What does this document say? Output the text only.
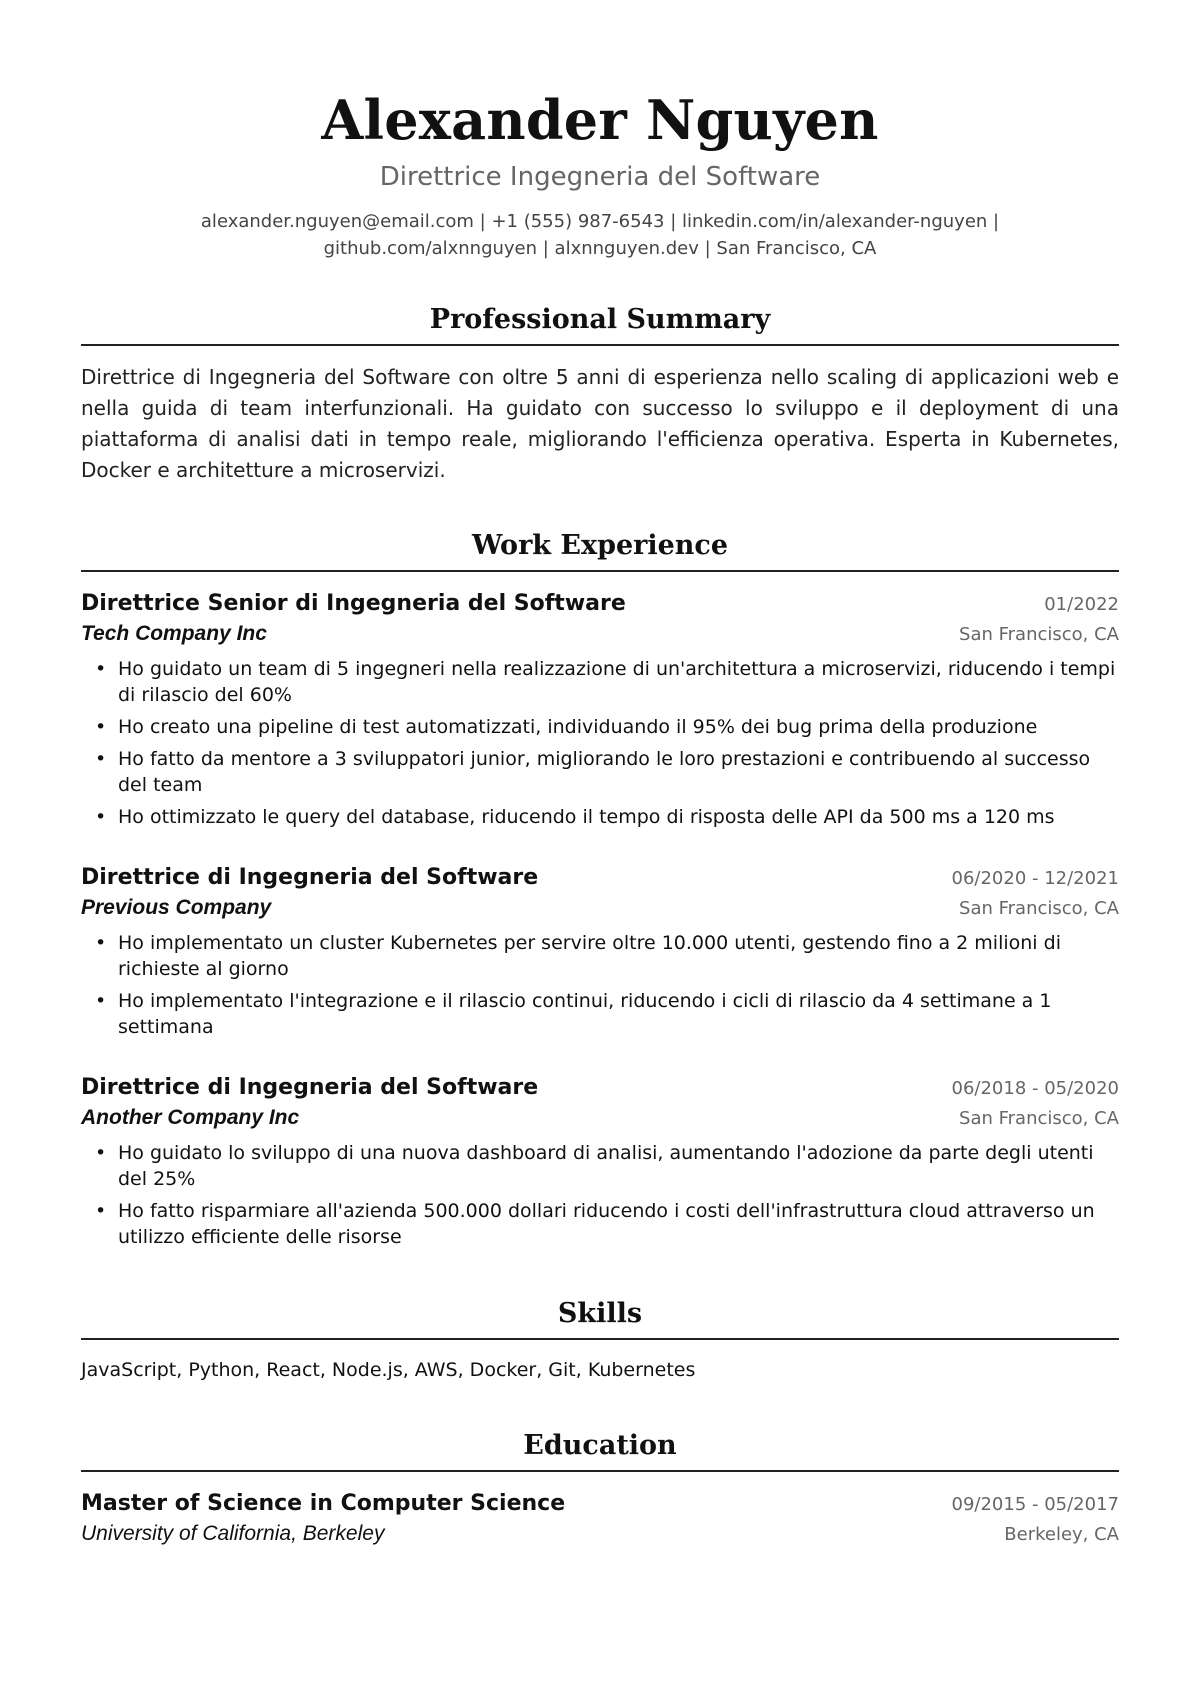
Alexander Nguyen
Direttrice Ingegneria del Software
alexander.nguyen@email.com | +1 (555) 987-6543 | linkedin.com/in/alexander-nguyen |
github.com/alxnnguyen | alxnnguyen.dev | San Francisco, CA
Professional Summary
Direttrice di Ingegneria del Software con oltre 5 anni di esperienza nello scaling di applicazioni web e nella guida di team interfunzionali. Ha guidato con successo lo sviluppo e il deployment di una piattaforma di analisi dati in tempo reale, migliorando l'efficienza operativa. Esperta in Kubernetes, Docker e architetture a microservizi.
Work Experience
Direttrice Senior di Ingegneria del Software	01/2022
Tech Company Inc	San Francisco, CA
• Ho guidato un team di 5 ingegneri nella realizzazione di un'architettura a microservizi, riducendo i tempi di rilascio del 60%
• Ho creato una pipeline di test automatizzati, individuando il 95% dei bug prima della produzione
• Ho fatto da mentore a 3 sviluppatori junior, migliorando le loro prestazioni e contribuendo al successo del team
• Ho ottimizzato le query del database, riducendo il tempo di risposta delle API da 500 ms a 120 ms
Direttrice di Ingegneria del Software	06/2020 - 12/2021
Previous Company	San Francisco, CA
• Ho implementato un cluster Kubernetes per servire oltre 10.000 utenti, gestendo fino a 2 milioni di richieste al giorno
• Ho implementato l'integrazione e il rilascio continui, riducendo i cicli di rilascio da 4 settimane a 1 settimana
Direttrice di Ingegneria del Software	06/2018 - 05/2020
Another Company Inc	San Francisco, CA
• Ho guidato lo sviluppo di una nuova dashboard di analisi, aumentando l'adozione da parte degli utenti del 25%
• Ho fatto risparmiare all'azienda 500.000 dollari riducendo i costi dell'infrastruttura cloud attraverso un utilizzo efficiente delle risorse
Skills
JavaScript, Python, React, Node.js, AWS, Docker, Git, Kubernetes
Education
Master of Science in Computer Science	09/2015 - 05/2017
University of California, Berkeley	Berkeley, CA
